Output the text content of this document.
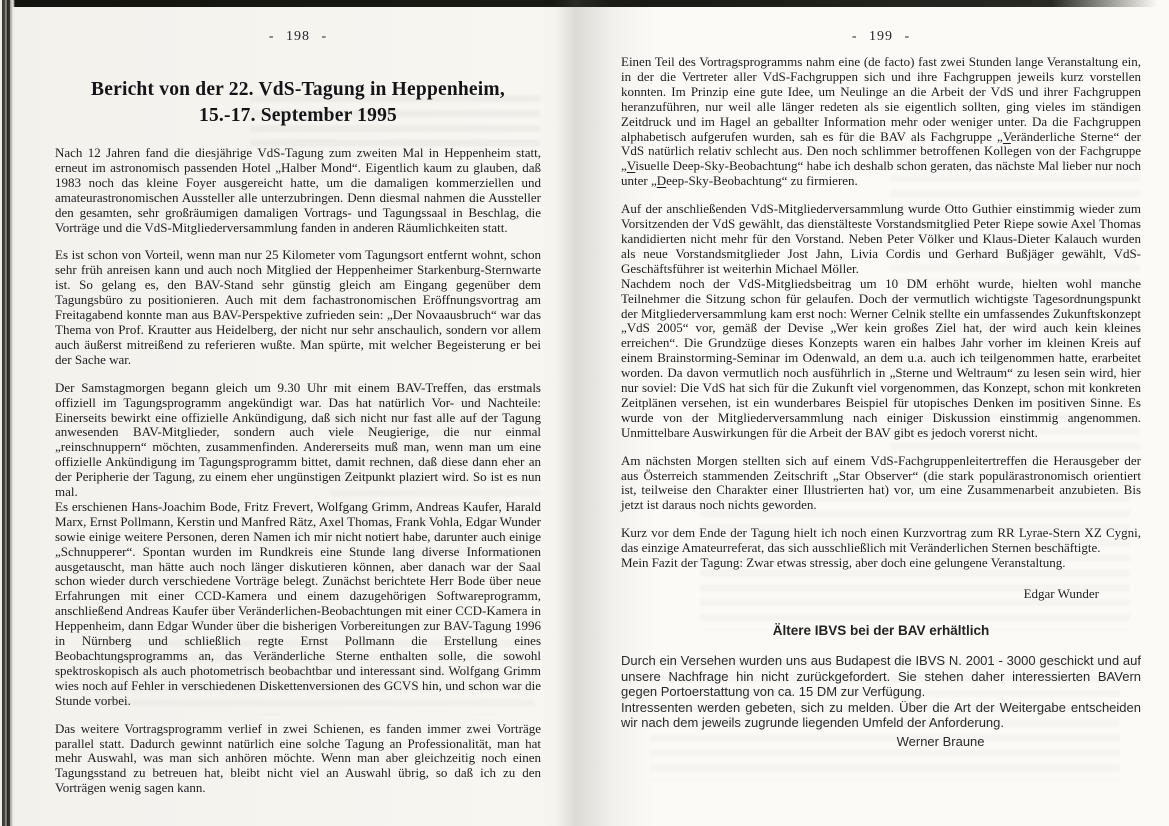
- 198 -
Bericht von der 22. VdS-Tagung in Heppenheim,
15.-17. September 1995

Nach 12 Jahren fand die diesjährige VdS-Tagung zum zweiten Mal in Heppenheim statt, erneut im astronomisch passenden Hotel „Halber Mond“. Eigentlich kaum zu glauben, daß 1983 noch das kleine Foyer ausgereicht hatte, um die damaligen kommerziellen und amateurastronomischen Aussteller alle unterzubringen. Denn diesmal nahmen die Aussteller den gesamten, sehr großräumigen damaligen Vortrags- und Tagungssaal in Beschlag, die Vorträge und die VdS-Mitgliederversammlung fanden in anderen Räumlichkeiten statt.

Es ist schon von Vorteil, wenn man nur 25 Kilometer vom Tagungsort entfernt wohnt, schon sehr früh anreisen kann und auch noch Mitglied der Heppenheimer Starkenburg-Sternwarte ist. So gelang es, den BAV-Stand sehr günstig gleich am Eingang gegenüber dem Tagungsbüro zu positionieren. Auch mit dem fachastronomischen Eröffnungsvortrag am Freitagabend konnte man aus BAV-Perspektive zufrieden sein: „Der Novaausbruch“ war das Thema von Prof. Krautter aus Heidelberg, der nicht nur sehr anschaulich, sondern vor allem auch äußerst mitreißend zu referieren wußte. Man spürte, mit welcher Begeisterung er bei der Sache war.

Der Samstagmorgen begann gleich um 9.30 Uhr mit einem BAV-Treffen, das erstmals offiziell im Tagungsprogramm angekündigt war. Das hat natürlich Vor- und Nachteile: Einerseits bewirkt eine offizielle Ankündigung, daß sich nicht nur fast alle auf der Tagung anwesenden BAV-Mitglieder, sondern auch viele Neugierige, die nur einmal „reinschnuppern“ möchten, zusammenfinden. Andererseits muß man, wenn man um eine offizielle Ankündigung im Tagungsprogramm bittet, damit rechnen, daß diese dann eher an der Peripherie der Tagung, zu einem eher ungünstigen Zeitpunkt plaziert wird. So ist es nun mal.

Es erschienen Hans-Joachim Bode, Fritz Frevert, Wolfgang Grimm, Andreas Kaufer, Harald Marx, Ernst Pollmann, Kerstin und Manfred Rätz, Axel Thomas, Frank Vohla, Edgar Wunder sowie einige weitere Personen, deren Namen ich mir nicht notiert habe, darunter auch einige „Schnupperer“. Spontan wurden im Rundkreis eine Stunde lang diverse Informationen ausgetauscht, man hätte auch noch länger diskutieren können, aber danach war der Saal schon wieder durch verschiedene Vorträge belegt. Zunächst berichtete Herr Bode über neue Erfahrungen mit einer CCD-Kamera und einem dazugehörigen Softwareprogramm, anschließend Andreas Kaufer über Veränderlichen-Beobachtungen mit einer CCD-Kamera in Heppenheim, dann Edgar Wunder über die bisherigen Vorbereitungen zur BAV-Tagung 1996 in Nürnberg und schließlich regte Ernst Pollmann die Erstellung eines Beobachtungsprogramms an, das Veränderliche Sterne enthalten solle, die sowohl spektroskopisch als auch photometrisch beobachtbar und interessant sind. Wolfgang Grimm wies noch auf Fehler in verschiedenen Diskettenversionen des GCVS hin, und schon war die Stunde vorbei.

Das weitere Vortragsprogramm verlief in zwei Schienen, es fanden immer zwei Vorträge parallel statt. Dadurch gewinnt natürlich eine solche Tagung an Professionalität, man hat mehr Auswahl, was man sich anhören möchte. Wenn man aber gleichzeitig noch einen Tagungsstand zu betreuen hat, bleibt nicht viel an Auswahl übrig, so daß ich zu den Vorträgen wenig sagen kann.

- 199 -

Einen Teil des Vortragsprogramms nahm eine (de facto) fast zwei Stunden lange Veranstaltung ein, in der die Vertreter aller VdS-Fachgruppen sich und ihre Fachgruppen jeweils kurz vorstellen konnten. Im Prinzip eine gute Idee, um Neulinge an die Arbeit der VdS und ihrer Fachgruppen heranzuführen, nur weil alle länger redeten als sie eigentlich sollten, ging vieles im ständigen Zeitdruck und im Hagel an geballter Information mehr oder weniger unter. Da die Fachgruppen alphabetisch aufgerufen wurden, sah es für die BAV als Fachgruppe „Veränderliche Sterne“ der VdS natürlich relativ schlecht aus. Den noch schlimmer betroffenen Kollegen von der Fachgruppe „Visuelle Deep-Sky-Beobachtung“ habe ich deshalb schon geraten, das nächste Mal lieber nur noch unter „Deep-Sky-Beobachtung“ zu firmieren.

Auf der anschließenden VdS-Mitgliederversammlung wurde Otto Guthier einstimmig wieder zum Vorsitzenden der VdS gewählt, das dienstälteste Vorstandsmitglied Peter Riepe sowie Axel Thomas kandidierten nicht mehr für den Vorstand. Neben Peter Völker und Klaus-Dieter Kalauch wurden als neue Vorstandsmitglieder Jost Jahn, Livia Cordis und Gerhard Bußjäger gewählt, VdS-Geschäftsführer ist weiterhin Michael Möller.

Nachdem noch der VdS-Mitgliedsbeitrag um 10 DM erhöht wurde, hielten wohl manche Teilnehmer die Sitzung schon für gelaufen. Doch der vermutlich wichtigste Tagesordnungspunkt der Mitgliederversammlung kam erst noch: Werner Celnik stellte ein umfassendes Zukunftskonzept „VdS 2005“ vor, gemäß der Devise „Wer kein großes Ziel hat, der wird auch kein kleines erreichen“. Die Grundzüge dieses Konzepts waren ein halbes Jahr vorher im kleinen Kreis auf einem Brainstorming-Seminar im Odenwald, an dem u.a. auch ich teilgenommen hatte, erarbeitet worden. Da davon vermutlich noch ausführlich in „Sterne und Weltraum“ zu lesen sein wird, hier nur soviel: Die VdS hat sich für die Zukunft viel vorgenommen, das Konzept, schon mit konkreten Zeitplänen versehen, ist ein wunderbares Beispiel für utopisches Denken im positiven Sinne. Es wurde von der Mitgliederversammlung nach einiger Diskussion einstimmig angenommen. Unmittelbare Auswirkungen für die Arbeit der BAV gibt es jedoch vorerst nicht.

Am nächsten Morgen stellten sich auf einem VdS-Fachgruppenleitertreffen die Herausgeber der aus Österreich stammenden Zeitschrift „Star Observer“ (die stark populärastronomisch orientiert ist, teilweise den Charakter einer Illustrierten hat) vor, um eine Zusammenarbeit anzubieten. Bis jetzt ist daraus noch nichts geworden.

Kurz vor dem Ende der Tagung hielt ich noch einen Kurzvortrag zum RR Lyrae-Stern XZ Cygni, das einzige Amateurreferat, das sich ausschließlich mit Veränderlichen Sternen beschäftigte.

Mein Fazit der Tagung: Zwar etwas stressig, aber doch eine gelungene Veranstaltung.

Edgar Wunder
Ältere IBVS bei der BAV erhältlich

Durch ein Versehen wurden uns aus Budapest die IBVS N. 2001 - 3000 geschickt und auf unsere Nachfrage hin nicht zurückgefordert. Sie stehen daher interessierten BAVern gegen Portoerstattung von ca. 15 DM zur Verfügung.

Intressenten werden gebeten, sich zu melden. Über die Art der Weitergabe entscheiden wir nach dem jeweils zugrunde liegenden Umfeld der Anforderung.

Werner Braune
